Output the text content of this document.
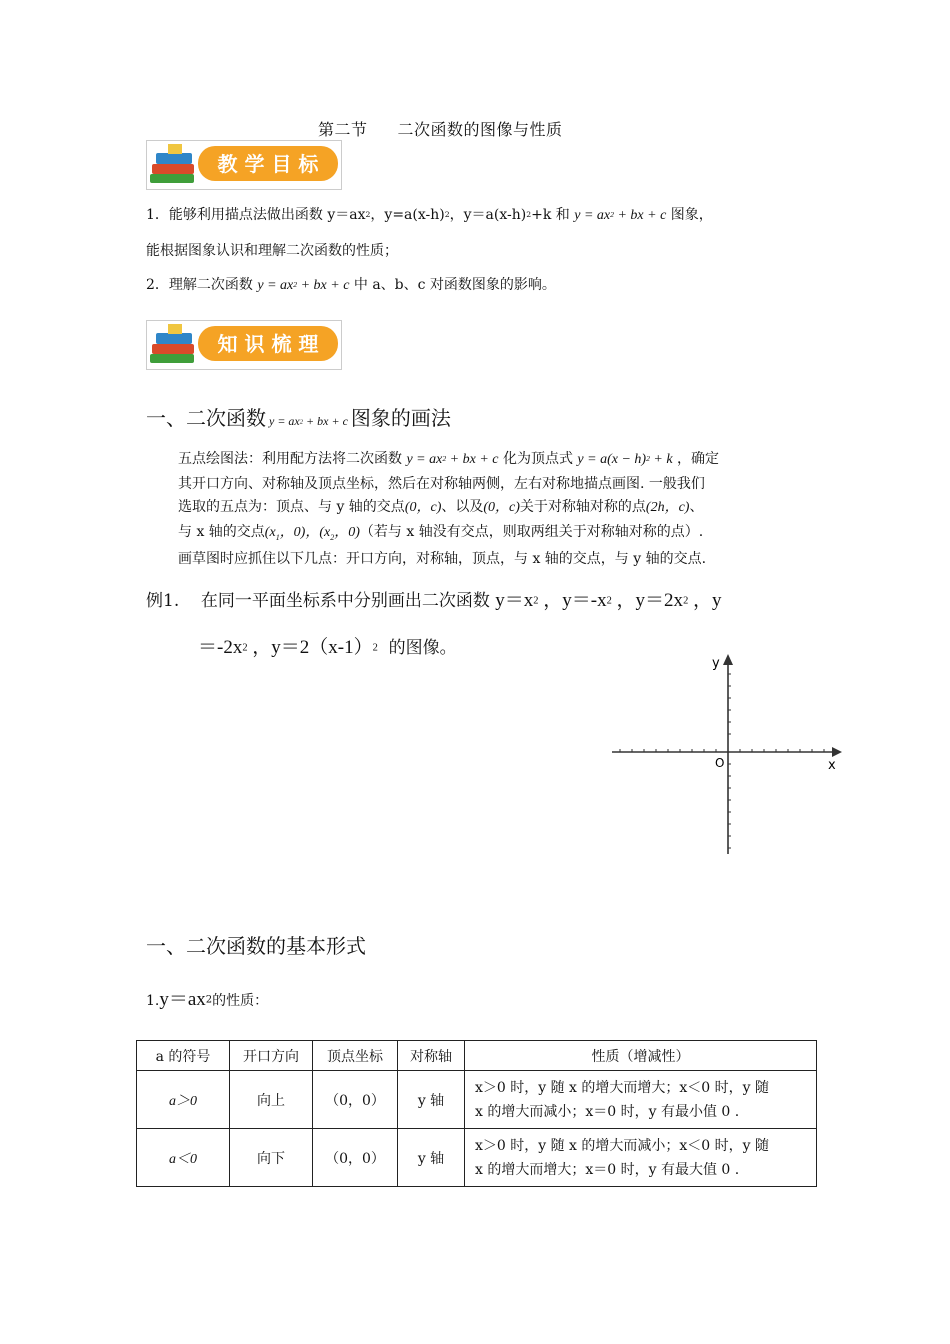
第二节 二次函数的图像与性质
教 学 目 标
1．能够利用描点法做出函数 $y=ax^2$，$y=a(x-h)^2$，$y=a(x-h)^2+k$ 和 $y = ax^2$ + bx + c 图象，
能根据图象认识和理解二次函数的性质；
2．理解二次函数 $y = ax^2$ + bx + c 中 a、b、c 对函数图象的影响。
知 识 梳 理
一、二次函数 $y = ax^2$ + bx + c 图象的画法
五点绘图法：利用配方法将二次函数 $y = ax^2$ + bx + c 化为顶点式 $y = a(x - h)^2 + k$ ，确定
其开口方向、对称轴及顶点坐标，然后在对称轴两侧，左右对称地描点画图. 一般我们
选取的五点为：顶点、与 y 轴的交点(0，c)、以及(0，c)关于对称轴对称的点(2h，c)、
与 x 轴的交点($x_1$，0)，($x_2$，0)（若与 x 轴没有交点，则取两组关于对称轴对称的点）.
画草图时应抓住以下几点：开口方向，对称轴，顶点，与 x 轴的交点，与 y 轴的交点.
例1. 在同一平面坐标系中分别画出二次函数 $y=x^2$ ，$y=-x^2$ ，$y=2x^2$ ，y
$=-2x^2$ ，$y=2(x-1)^2$ 的图像。
y
x
O
一、二次函数的基本形式
$1.y=ax^2$的性质：
a 的符号	开口方向	顶点坐标	对称轴	性质（增减性）
a＞0	向上	（0，0）	y 轴	x＞0 时，y 随 x 的增大而增大；x＜0 时，y 随
x 的增大而减小；x＝0 时，y 有最小值 0 .

a＜0	向下	（0，0）	y 轴	x＞0 时，y 随 x 的增大而减小；x＜0 时，y 随
x 的增大而增大；x＝0 时，y 有最大值 0 .
